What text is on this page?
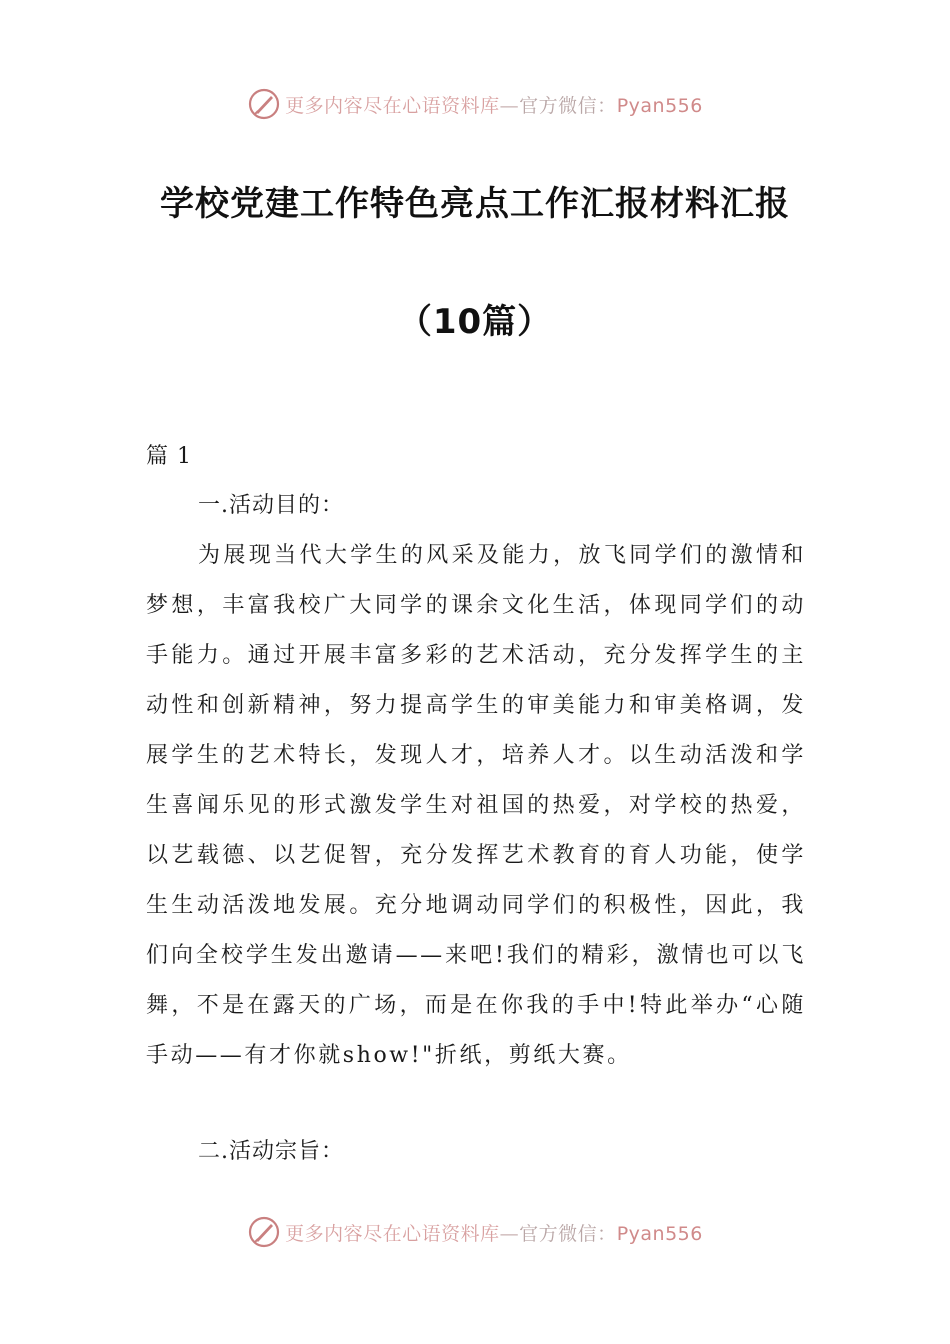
更多内容尽在心语资料库—官方微信：Pyan556
学校党建工作特色亮点工作汇报材料汇报
（10篇）
篇 1
一.活动目的：
为展现当代大学生的风采及能力，放飞同学们的激情和梦想，丰富我校广大同学的课余文化生活，体现同学们的动手能力。通过开展丰富多彩的艺术活动，充分发挥学生的主动性和创新精神，努力提高学生的审美能力和审美格调，发展学生的艺术特长，发现人才，培养人才。以生动活泼和学生喜闻乐见的形式激发学生对祖国的热爱，对学校的热爱，以艺载德、以艺促智，充分发挥艺术教育的育人功能，使学生生动活泼地发展。充分地调动同学们的积极性，因此，我们向全校学生发出邀请——来吧!我们的精彩，激情也可以飞舞，不是在露天的广场，而是在你我的手中!特此举办“心随手动——有才你就show!"折纸，剪纸大赛。
二.活动宗旨：
更多内容尽在心语资料库—官方微信：Pyan556
